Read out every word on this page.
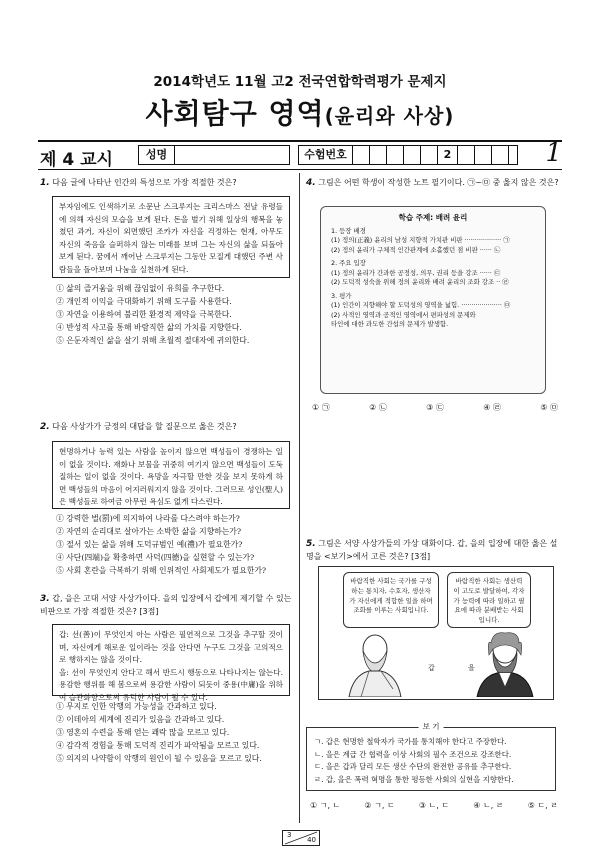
2014학년도 11월 고2 전국연합학력평가 문제지
사회탐구 영역(윤리와 사상)
제 4 교시	성명	수험번호	2	1
1. 다음 글에 나타난 인간의 특성으로 가장 적절한 것은?
부자임에도 인색하기로 소문난 스크루지는 크리스마스 전날 유령들에 의해 자신의 모습을 보게 된다. 돈을 벌기 위해 일상의 행복을 놓쳤던 과거, 자신이 외면했던 조카가 자신을 걱정하는 현재, 아무도 자신의 죽음을 슬퍼하지 않는 미래를 보며 그는 자신의 삶을 되돌아보게 된다. 꿈에서 깨어난 스크루지는 그동안 모질게 대했던 주변 사람들을 돌아보며 나눔을 실천하게 된다.
① 삶의 즐거움을 위해 끊임없이 유희를 추구한다.
② 개인적 이익을 극대화하기 위해 도구를 사용한다.
③ 자연을 이용하여 불리한 환경적 제약을 극복한다.
④ 반성적 사고를 통해 바람직한 삶의 가치를 지향한다.
⑤ 은둔자적인 삶을 살기 위해 초월적 절대자에 귀의한다.
2. 다음 사상가가 긍정의 대답을 할 질문으로 옳은 것은?
현명하거나 능력 있는 사람을 높이지 않으면 백성들이 경쟁하는 일이 없을 것이다. 재화나 보물을 귀중히 여기지 않으면 백성들이 도둑질하는 일이 없을 것이다. 욕망을 자극할 만한 것을 보지 못하게 하면 백성들의 마음이 어지러워지지 않을 것이다. 그러므로 성인(聖人)은 백성들로 하여금 아무런 욕심도 없게 다스린다.
① 강력한 벌(罰)에 의지하여 나라를 다스려야 하는가?
② 자연의 순리대로 살아가는 소박한 삶을 지향하는가?
③ 절서 있는 삶을 위해 도덕규범인 예(禮)가 필요한가?
④ 사단(四端)을 확충하면 사덕(四德)을 실현할 수 있는가?
⑤ 사회 혼란을 극복하기 위해 인위적인 사회제도가 필요한가?
3. 갑, 을은 고대 서양 사상가이다. 을의 입장에서 갑에게 제기할 수 있는 비판으로 가장 적절한 것은? [3점]
갑: 선(善)이 무엇인지 아는 사람은 필연적으로 그것을 추구할 것이며, 자신에게 해로운 일이라는 것을 안다면 누구도 그것을 고의적으로 행하지는 않을 것이다.
을: 선이 무엇인지 안다고 해서 반드시 행동으로 나타나지는 않는다. 용감한 행위를 해 봄으로써 용감한 사람이 되듯이 중용(中庸)을 위하여 습관화함으로써 유덕한 사람이 될 수 있다.
① 무지로 인한 악행의 가능성을 간과하고 있다.
② 이데아의 세계에 진리가 있음을 간과하고 있다.
③ 영혼의 수련을 통해 얻는 쾌락 많을 모르고 있다.
④ 감각적 경험을 통해 도덕적 진리가 파악됨을 모르고 있다.
⑤ 의지의 나약함이 악행의 원인이 될 수 있음을 모르고 있다.
4. 그림은 어떤 학생이 작성한 노트 필기이다. ㉠~㉤ 중 옳지 않은 것은?
학습 주제: 배려 윤리
1. 등장 배경
(1) 정의(正義) 윤리의 남성 지향적 가치관 비판 ·················· ㉠
(2) 정의 윤리가 구체적 인간관계에 소홀했던 점 비판 ······ ㉡
2. 주요 입장
(1) 정의 윤리가 간과한 공정성, 의무, 권리 등을 강조 ······ ㉢
(2) 도덕적 성숙을 위해 정의 윤리와 배려 윤리의 조화 강조 ·· ㉣
3. 평가
(1) 인간이 지향해야 할 도덕성의 영역을 넓힘. ···················· ㉤
(2) 사적인 영역과 공적인 영역에서 편파성의 문제와
타인에 대한 과도한 간섭의 문제가 발생함.
① ㉠	② ㉡	③ ㉢	④ ㉣	⑤ ㉤
5. 그림은 서양 사상가들의 가상 대화이다. 갑, 을의 입장에 대한 옳은 설명을 <보기>에서 고른 것은? [3점]
바람직한 사회는 국가를 구성하는 통치자, 수호자, 생산자가 자신에게 적합한 일을 하며 조화를 이루는 사회입니다.
바람직한 사회는 생산력이 고도로 발달하여, 각자가 능력에 따라 일하고 필요에 따라 분배받는 사회입니다.
갑	을
보 기
ㄱ. 갑은 현명한 철학자가 국가를 통치해야 한다고 주장한다.
ㄴ. 을은 계급 간 협력을 이상 사회의 필수 조건으로 강조한다.
ㄷ. 을은 갑과 달리 모든 생산 수단의 완전한 공유를 추구한다.
ㄹ. 갑, 을은 폭력 혁명을 통한 평등한 사회의 실현을 지향한다.
① ㄱ, ㄴ	② ㄱ, ㄷ	③ ㄴ, ㄷ	④ ㄴ, ㄹ	⑤ ㄷ, ㄹ
3
40
